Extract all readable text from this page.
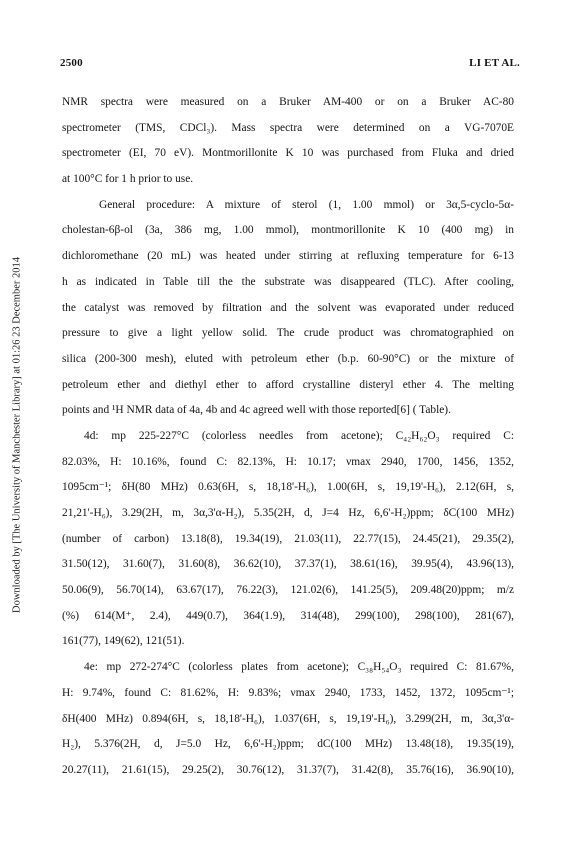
2500	LI ET AL.
Downloaded by [The University of Manchester Library] at 01:26 23 December 2014
NMR spectra were measured on a Bruker AM-400 or on a Bruker AC-80
spectrometer (TMS, CDCl₃). Mass spectra were determined on a VG-7070E
spectrometer (EI, 70 eV). Montmorillonite K 10 was purchased from Fluka and dried
at 100°C for 1 h prior to use.
General procedure: A mixture of sterol (1, 1.00 mmol) or 3α,5-cyclo-5α-
cholestan-6β-ol (3a, 386 mg, 1.00 mmol), montmorillonite K 10 (400 mg) in
dichloromethane (20 mL) was heated under stirring at refluxing temperature for 6-13
h as indicated in Table till the the substrate was disappeared (TLC). After cooling,
the catalyst was removed by filtration and the solvent was evaporated under reduced
pressure to give a light yellow solid. The crude product was chromatographied on
silica (200-300 mesh), eluted with petroleum ether (b.p. 60-90°C) or the mixture of
petroleum ether and diethyl ether to afford crystalline disteryl ether 4. The melting
points and ¹H NMR data of 4a, 4b and 4c agreed well with those reported[6] ( Table).
4d: mp 225-227°C (colorless needles from acetone); C₄₂H₆₂O₃ required C:
82.03%, H: 10.16%, found C: 82.13%, H: 10.17; νmax 2940, 1700, 1456, 1352,
1095cm⁻¹; δH(80 MHz) 0.63(6H, s, 18,18'-H₆), 1.00(6H, s, 19,19'-H₆), 2.12(6H, s,
21,21'-H₆), 3.29(2H, m, 3α,3'α-H₂), 5.35(2H, d, J=4 Hz, 6,6'-H₂)ppm; δC(100 MHz)
(number of carbon) 13.18(8), 19.34(19), 21.03(11), 22.77(15), 24.45(21), 29.35(2),
31.50(12), 31.60(7), 31.60(8), 36.62(10), 37.37(1), 38.61(16), 39.95(4), 43.96(13),
50.06(9), 56.70(14), 63.67(17), 76.22(3), 121.02(6), 141.25(5), 209.48(20)ppm; m/z
(%) 614(M⁺, 2.4), 449(0.7), 364(1.9), 314(48), 299(100), 298(100), 281(67),
161(77), 149(62), 121(51).
4e: mp 272-274°C (colorless plates from acetone); C₃₈H₅₄O₃ required C: 81.67%,
H: 9.74%, found C: 81.62%, H: 9.83%; νmax 2940, 1733, 1452, 1372, 1095cm⁻¹;
δH(400 MHz) 0.894(6H, s, 18,18'-H₆), 1.037(6H, s, 19,19'-H₆), 3.299(2H, m, 3α,3'α-
H₂), 5.376(2H, d, J=5.0 Hz, 6,6'-H₂)ppm; dC(100 MHz) 13.48(18), 19.35(19),
20.27(11), 21.61(15), 29.25(2), 30.76(12), 31.37(7), 31.42(8), 35.76(16), 36.90(10),
